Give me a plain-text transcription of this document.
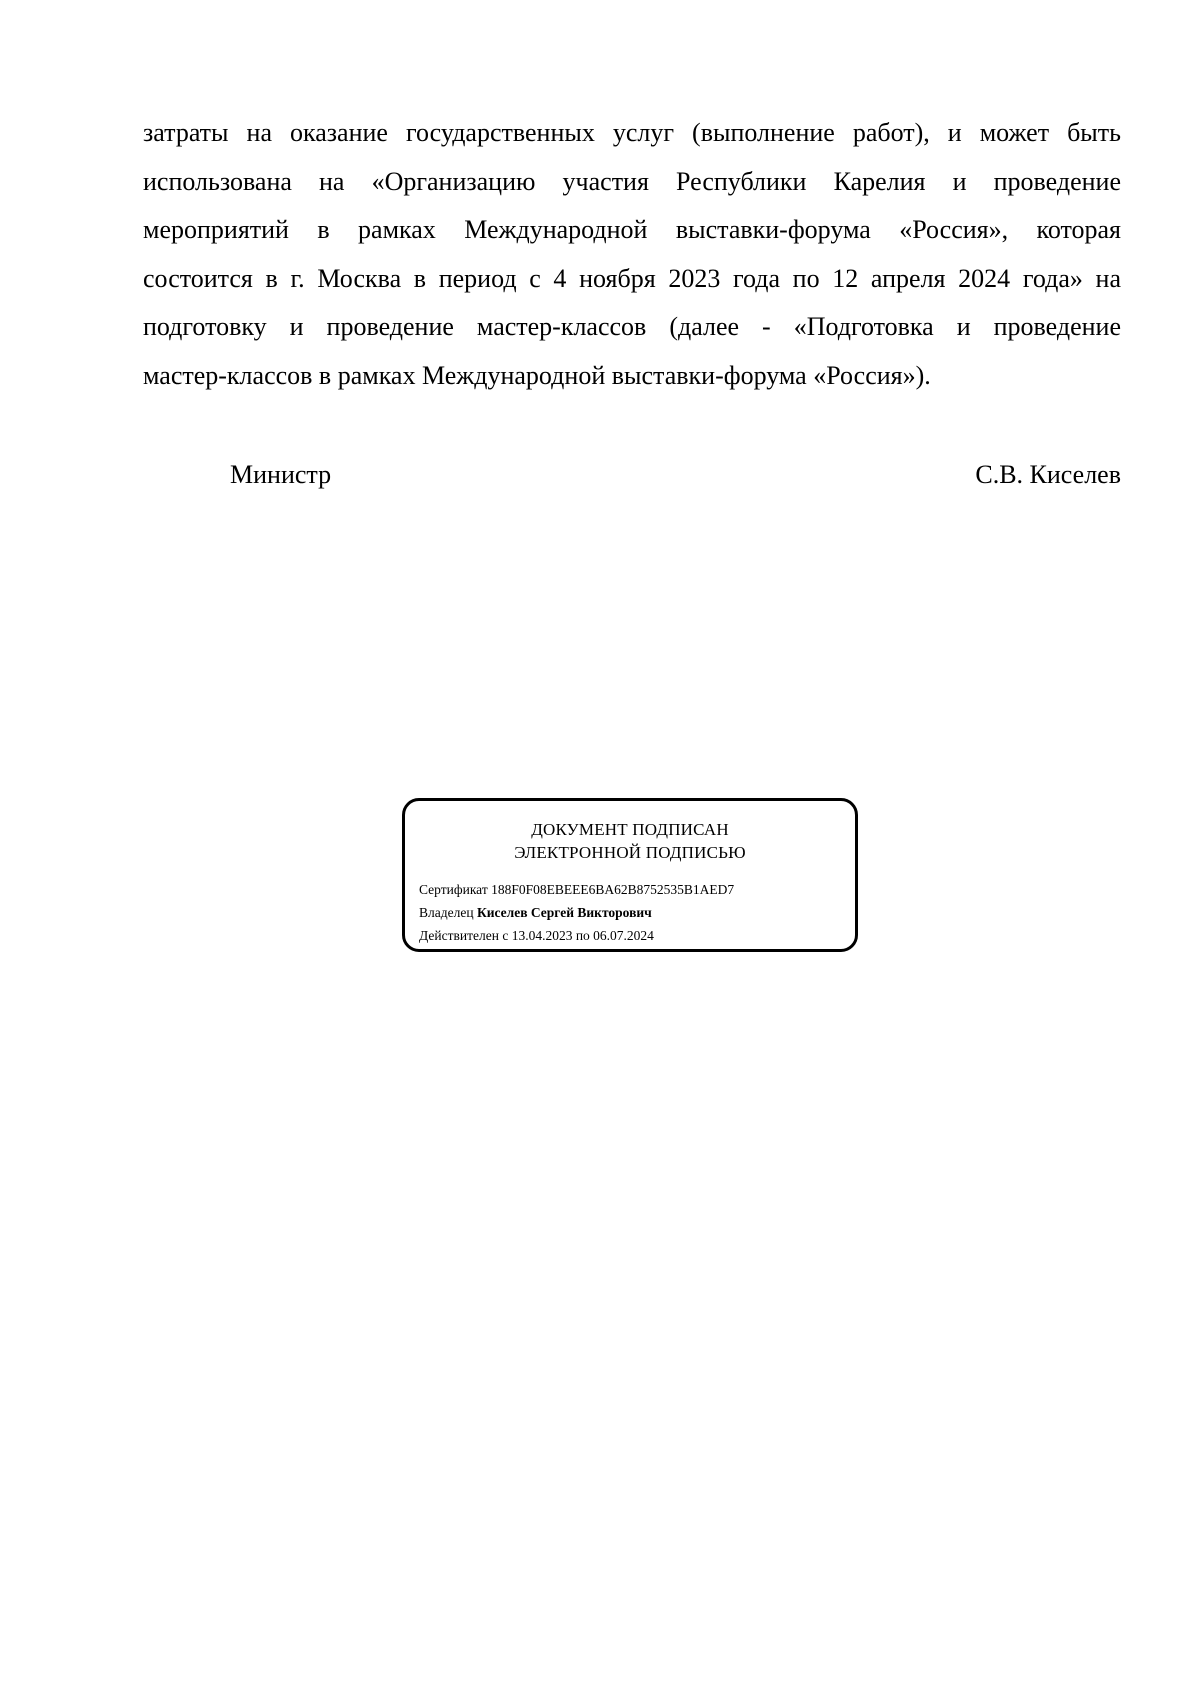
затраты на оказание государственных услуг (выполнение работ), и может быть
использована на «Организацию участия Республики Карелия и проведение
мероприятий в рамках Международной выставки-форума «Россия», которая
состоится в г. Москва в период с 4 ноября 2023 года по 12 апреля 2024 года» на
подготовку и проведение мастер-классов (далее - «Подготовка и проведение
мастер-классов в рамках Международной выставки-форума «Россия»).
Министр	С.В. Киселев
ДОКУМЕНТ ПОДПИСАН
ЭЛЕКТРОННОЙ ПОДПИСЬЮ
Сертификат 188F0F08EBEEE6BA62B8752535B1AED7
Владелец Киселев Сергей Викторович
Действителен с 13.04.2023 по 06.07.2024
